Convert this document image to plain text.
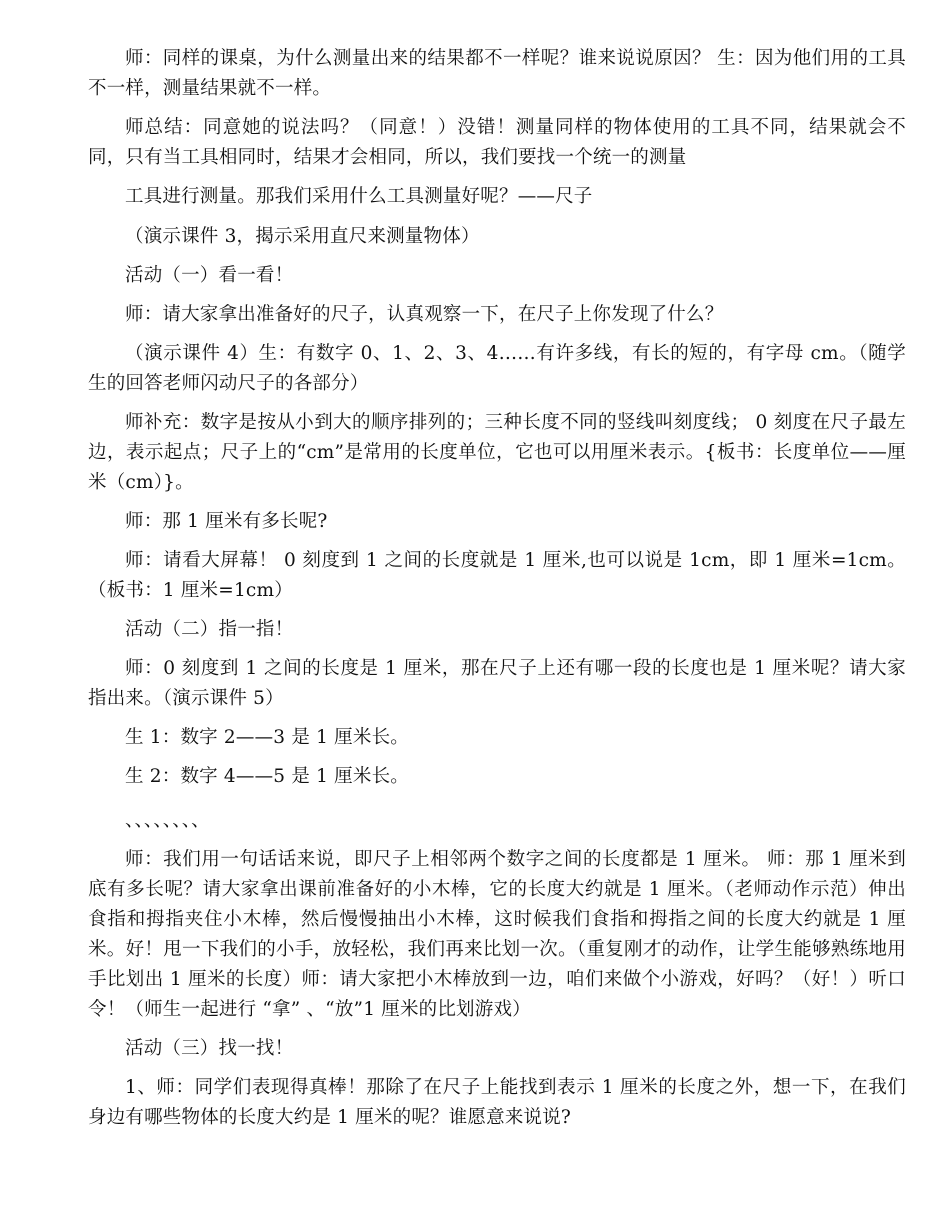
师：同样的课桌，为什么测量出来的结果都不一样呢？谁来说说原因？ 生：因为他们用的工具不一样，测量结果就不一样。

师总结：同意她的说法吗？（同意！）没错！测量同样的物体使用的工具不同，结果就会不同，只有当工具相同时，结果才会相同，所以，我们要找一个统一的测量

工具进行测量。那我们采用什么工具测量好呢？——尺子

（演示课件 3，揭示采用直尺来测量物体）

活动（一）看一看！

师：请大家拿出准备好的尺子，认真观察一下，在尺子上你发现了什么？

（演示课件 4）生：有数字 0、1、2、3、4……有许多线，有长的短的，有字母 cm。（随学生的回答老师闪动尺子的各部分）

师补充：数字是按从小到大的顺序排列的；三种长度不同的竖线叫刻度线； 0 刻度在尺子最左边，表示起点；尺子上的“cm”是常用的长度单位，它也可以用厘米表示。{板书：长度单位——厘米（cm）}。

师：那 1 厘米有多长呢?

师：请看大屏幕！ 0 刻度到 1 之间的长度就是 1 厘米,也可以说是 1cm，即 1 厘米=1cm。（板书：1 厘米=1cm）

活动（二）指一指！

师：0 刻度到 1 之间的长度是 1 厘米，那在尺子上还有哪一段的长度也是 1 厘米呢？请大家指出来。（演示课件 5）

生 1：数字 2——3 是 1 厘米长。

生 2：数字 4——5 是 1 厘米长。

、、、、、、、、

师：我们用一句话话来说，即尺子上相邻两个数字之间的长度都是 1 厘米。 师：那 1 厘米到底有多长呢？请大家拿出课前准备好的小木棒，它的长度大约就是 1 厘米。（老师动作示范）伸出食指和拇指夹住小木棒，然后慢慢抽出小木棒，这时候我们食指和拇指之间的长度大约就是 1 厘米。好！甩一下我们的小手，放轻松，我们再来比划一次。（重复刚才的动作，让学生能够熟练地用手比划出 1 厘米的长度）师：请大家把小木棒放到一边，咱们来做个小游戏，好吗？（好！）听口令！（师生一起进行 “拿” 、“放”1 厘米的比划游戏）

活动（三）找一找！

1、师：同学们表现得真棒！那除了在尺子上能找到表示 1 厘米的长度之外，想一下，在我们身边有哪些物体的长度大约是 1 厘米的呢？谁愿意来说说?
